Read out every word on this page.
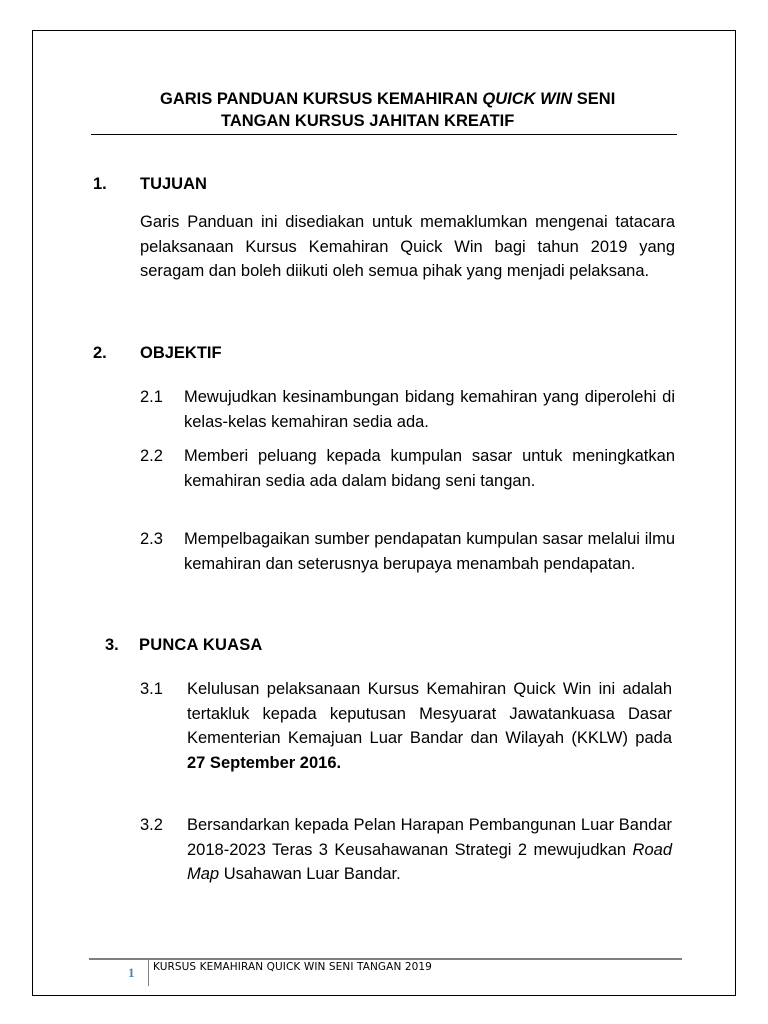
GARIS PANDUAN KURSUS KEMAHIRAN QUICK WIN SENI
TANGAN KURSUS JAHITAN KREATIF
1. TUJUAN

Garis Panduan ini disediakan untuk memaklumkan mengenai tatacara pelaksanaan Kursus Kemahiran Quick Win bagi tahun 2019 yang seragam dan boleh diikuti oleh semua pihak yang menjadi pelaksana.

2. OBJEKTIF
2.1 Mewujudkan kesinambungan bidang kemahiran yang diperolehi di kelas-kelas kemahiran sedia ada.

2.2 Memberi peluang kepada kumpulan sasar untuk meningkatkan kemahiran sedia ada dalam bidang seni tangan.

2.3 Mempelbagaikan sumber pendapatan kumpulan sasar melalui ilmu kemahiran dan seterusnya berupaya menambah pendapatan.

3. PUNCA KUASA
3.1 Kelulusan pelaksanaan Kursus Kemahiran Quick Win ini adalah tertakluk kepada keputusan Mesyuarat Jawatankuasa Dasar Kementerian Kemajuan Luar Bandar dan Wilayah (KKLW) pada 27 September 2016.

3.2 Bersandarkan kepada Pelan Harapan Pembangunan Luar Bandar 2018-2023 Teras 3 Keusahawanan Strategi 2 mewujudkan Road Map Usahawan Luar Bandar.

1 KURSUS KEMAHIRAN QUICK WIN SENI TANGAN 2019
